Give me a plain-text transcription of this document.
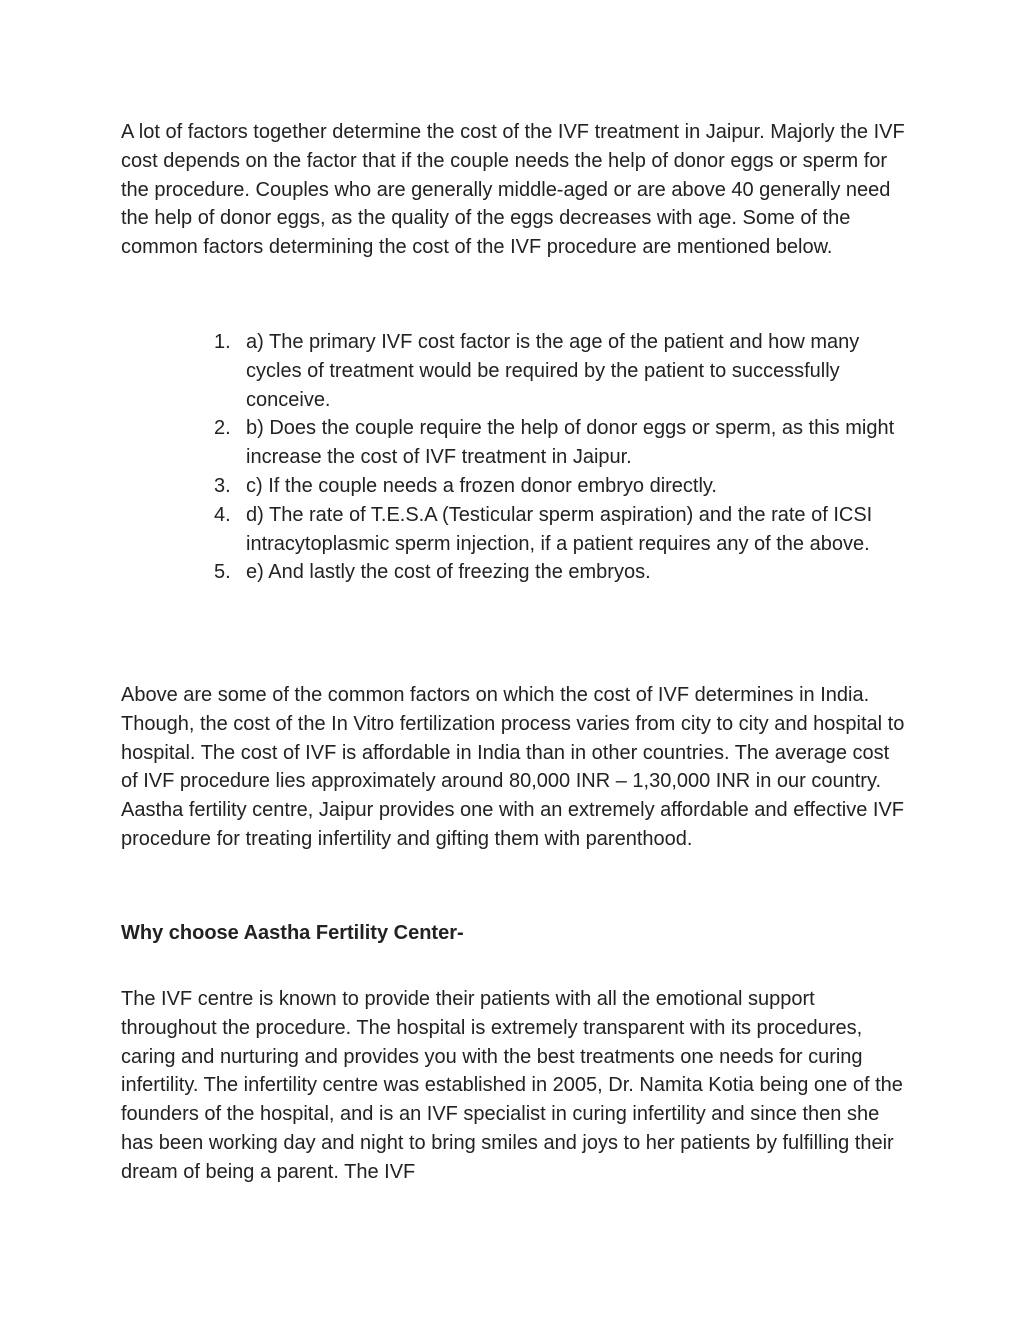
A lot of factors together determine the cost of the IVF treatment in Jaipur. Majorly the IVF cost depends on the factor that if the couple needs the help of donor eggs or sperm for the procedure. Couples who are generally middle-aged or are above 40 generally need the help of donor eggs, as the quality of the eggs decreases with age. Some of the common factors determining the cost of the IVF procedure are mentioned below.

1. a) The primary IVF cost factor is the age of the patient and how many cycles of treatment would be required by the patient to successfully conceive.
2. b) Does the couple require the help of donor eggs or sperm, as this might increase the cost of IVF treatment in Jaipur.
3. c) If the couple needs a frozen donor embryo directly.
4. d) The rate of T.E.S.A (Testicular sperm aspiration) and the rate of ICSI intracytoplasmic sperm injection, if a patient requires any of the above.
5. e) And lastly the cost of freezing the embryos.

Above are some of the common factors on which the cost of IVF determines in India. Though, the cost of the In Vitro fertilization process varies from city to city and hospital to hospital. The cost of IVF is affordable in India than in other countries. The average cost of IVF procedure lies approximately around 80,000 INR – 1,30,000 INR in our country. Aastha fertility centre, Jaipur provides one with an extremely affordable and effective IVF procedure for treating infertility and gifting them with parenthood.

Why choose Aastha Fertility Center-

The IVF centre is known to provide their patients with all the emotional support throughout the procedure. The hospital is extremely transparent with its procedures, caring and nurturing and provides you with the best treatments one needs for curing infertility. The infertility centre was established in 2005, Dr. Namita Kotia being one of the founders of the hospital, and is an IVF specialist in curing infertility and since then she has been working day and night to bring smiles and joys to her patients by fulfilling their dream of being a parent. The IVF
